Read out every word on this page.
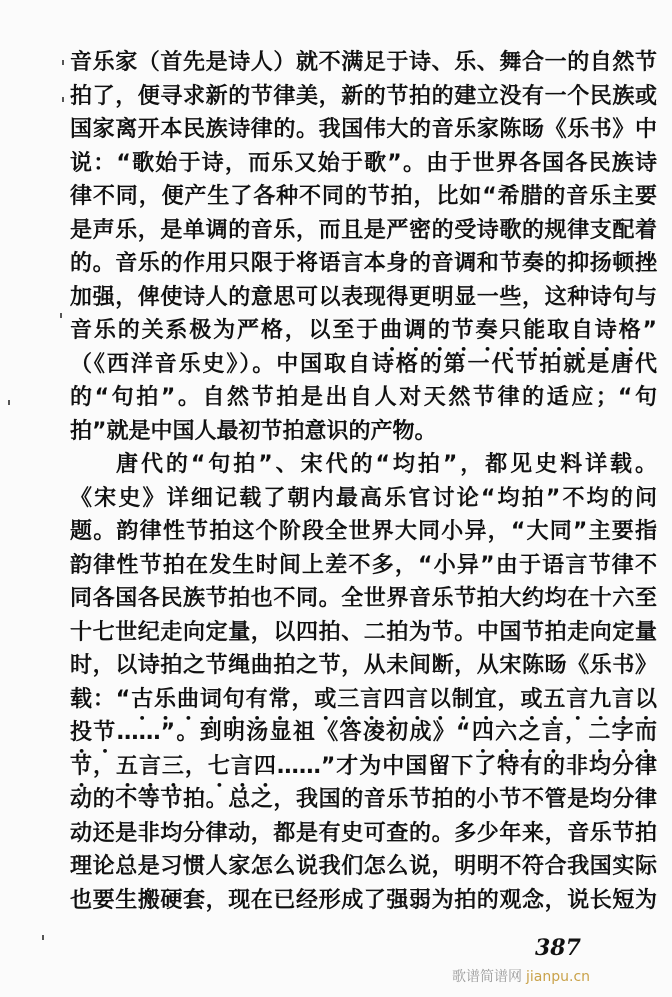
音乐家（首先是诗人）就不满足于诗、乐、舞合一的自然节
拍了，便寻求新的节律美，新的节拍的建立没有一个民族或
国家离开本民族诗律的。我国伟大的音乐家陈旸《乐书》中
说：“歌始于诗，而乐又始于歌”。由于世界各国各民族诗
律不同，便产生了各种不同的节拍，比如“希腊的音乐主要
是声乐，是单调的音乐，而且是严密的受诗歌的规律支配着
的。音乐的作用只限于将语言本身的音调和节奏的抑扬顿挫
加强，俾使诗人的意思可以表现得更明显一些，这种诗句与
音乐的关系极为严格，以至于曲调的节奏只能取自诗格”
（《西洋音乐史》）。中国取自诗格的第一代节拍就是唐代
的“句拍”。自然节拍是出自人对天然节律的适应；“句
拍”就是中国人最初节拍意识的产物。
唐代的“句拍”、宋代的“均拍”，都见史料详载。
《宋史》详细记载了朝内最高乐官讨论“均拍”不均的问
题。韵律性节拍这个阶段全世界大同小异，“大同”主要指
韵律性节拍在发生时间上差不多，“小异”由于语言节律不
同各国各民族节拍也不同。全世界音乐节拍大约均在十六至
十七世纪走向定量，以四拍、二拍为节。中国节拍走向定量
时，以诗拍之节绳曲拍之节，从未间断，从宋陈旸《乐书》
载：“古乐曲词句有常，或三言四言以制宜，或五言九言以
投节……”。到明汤显祖《答凌初成》“四六之言，二字而
节，五言三，七言四……”才为中国留下了特有的非均分律
动的不等节拍。总之，我国的音乐节拍的小节不管是均分律
动还是非均分律动，都是有史可查的。多少年来，音乐节拍
理论总是习惯人家怎么说我们怎么说，明明不符合我国实际
也要生搬硬套，现在已经形成了强弱为拍的观念，说长短为
387
歌谱简谱网 jianpu.cn
